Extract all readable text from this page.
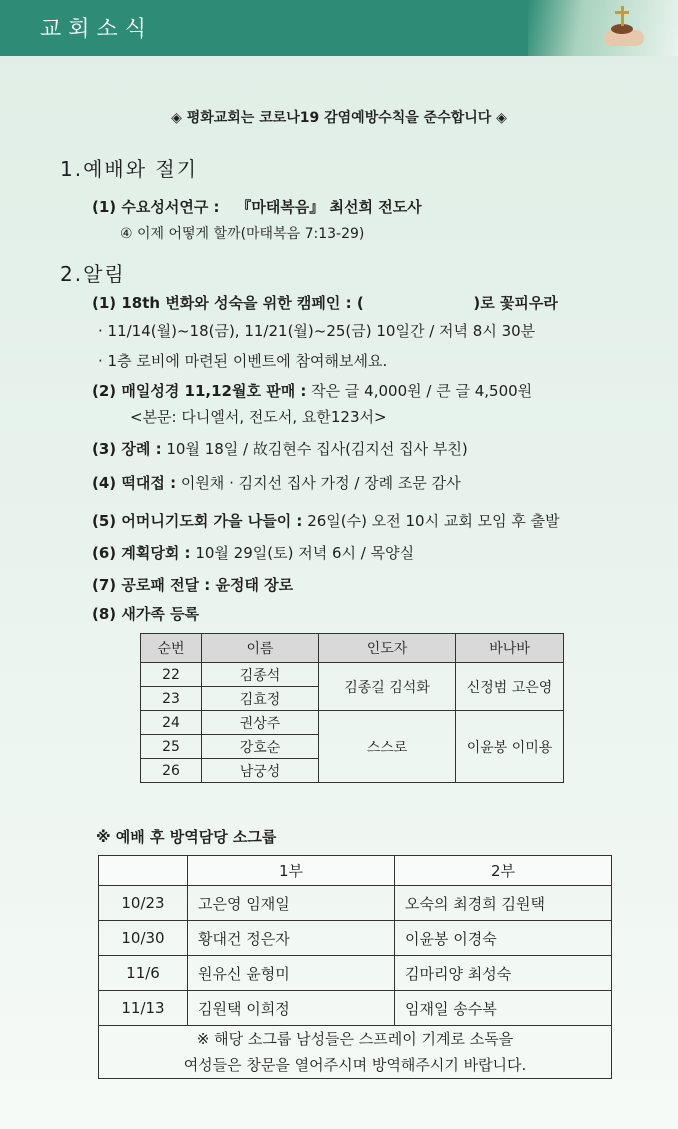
교회소식
◈ 평화교회는 코로나19 감염예방수칙을 준수합니다 ◈
1.예배와 절기
(1) 수요성서연구 : 『마태복음』 최선희 전도사
④ 이제 어떻게 할까(마태복음 7:13-29)
2.알림
(1) 18th 변화와 성숙을 위한 캠페인 : (                     )로 꽃피우라
· 11/14(월)~18(금), 11/21(월)~25(금) 10일간 / 저녁 8시 30분
· 1층 로비에 마련된 이벤트에 참여해보세요.
(2) 매일성경 11,12월호 판매 : 작은 글 4,000원 / 큰 글 4,500원
<본문: 다니엘서, 전도서, 요한123서>
(3) 장례 : 10월 18일 / 故김현수 집사(김지선 집사 부친)
(4) 떡대접 : 이원채 · 김지선 집사 가정 / 장례 조문 감사
(5) 어머니기도회 가을 나들이 : 26일(수) 오전 10시 교회 모임 후 출발
(6) 계획당회 : 10월 29일(토) 저녁 6시 / 목양실
(7) 공로패 전달 : 윤정태 장로
(8) 새가족 등록
순번	이름	인도자	바나바
22	김종석	김종길 김석화	신정범 고은영
23	김효정		
24	권상주	스스로	이윤봉 이미용
25	강호순		
26	남궁성		
※ 예배 후 방역담당 소그룹
	1부	2부
10/23	고은영 임재일	오숙의 최경희 김원택
10/30	황대건 정은자	이윤봉 이경숙
11/6	원유신 윤형미	김마리양 최성숙
11/13	김원택 이희정	임재일 송수복

※ 해당 소그룹 남성들은 스프레이 기계로 소독을
여성들은 창문을 열어주시며 방역해주시기 바랍니다.		
